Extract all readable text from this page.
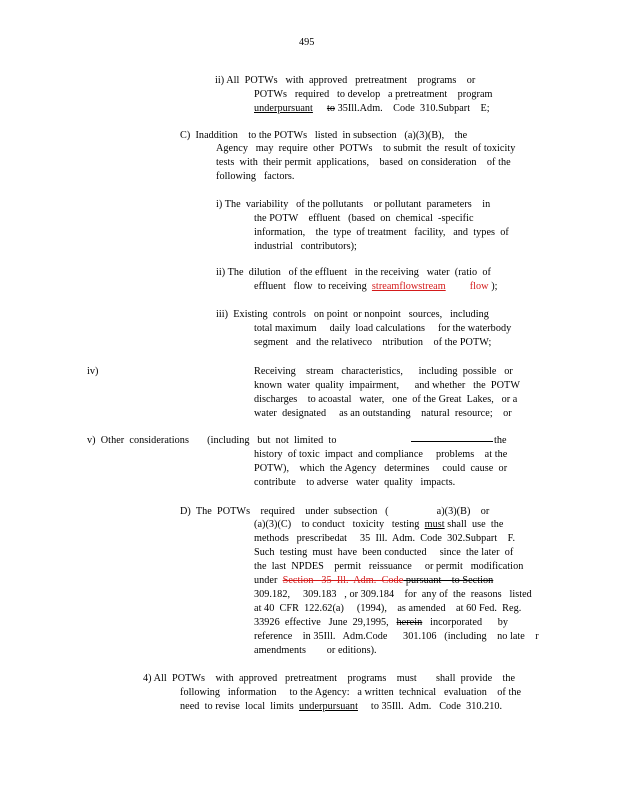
495
ii) All  POTWs   with  approved   pretreatment    programs    or
POTWs   required   to develop   a pretreatment    program
underpursuant to 35Ill.Adm.    Code  310.Subpart    E;
C)  Inaddition    to the POTWs   listed  in subsection   (a)(3)(B),    the
Agency   may  require  other  POTWs    to submit  the  result  of toxicity
tests  with  their permit  applications,    based  on consideration    of the
following   factors.
i) The  variability   of the pollutants    or pollutant  parameters    in
the POTW    effluent   (based  on  chemical  -specific
information,    the  type  of treatment   facility,   and  types  of
industrial   contributors);
ii) The  dilution   of the effluent   in the receiving   water  (ratio  of
effluent   flow  to receiving  streamflowstream flow );
iii)  Existing  controls   on point  or nonpoint   sources,   including
total maximum     daily  load calculations     for the waterbody
segment   and  the relativeco    ntribution    of the POTW;
iv)	Receiving    stream   characteristics,      including  possible   or
known  water  quality  impairment,      and whether   the  POTW
discharges    to acoastal   water,   one  of the Great  Lakes,   or a
water  designated     as an outstanding    natural  resource;    or
v)  Other  considerations       (including   but  not  limited  to	the
history  of toxic  impact  and compliance     problems    at the
POTW),    which  the Agency   determines     could  cause  or
contribute    to adverse   water  quality   impacts.
D)  The  POTWs    required    under  subsection   (	a)(3)(B)    or
(a)(3)(C)    to conduct   toxicity   testing  must shall  use  the
methods   prescribedat     35  Ill.  Adm.  Code  302.Subpart    F.
Such  testing  must  have  been conducted     since  the later  of
the  last  NPDES    permit   reissuance     or permit   modification
under  Section   35  Ill.  Adm.  Code pursuant    to Section
309.182,     309.183   , or 309.184    for  any of  the  reasons   listed
at 40  CFR  122.62(a)     (1994),    as amended    at 60 Fed.  Reg.
33926  effective   June  29,1995,   herein   incorporated      by
reference    in 35Ill.   Adm.Code      301.106   (including    no late    r
amendments        or editions).
4) All  POTWs    with  approved   pretreatment    programs    must  shall  provide    the
following   information     to the Agency:   a written  technical   evaluation    of the
need  to revise  local  limits  underpursuant     to 35Ill.  Adm.   Code  310.210.
